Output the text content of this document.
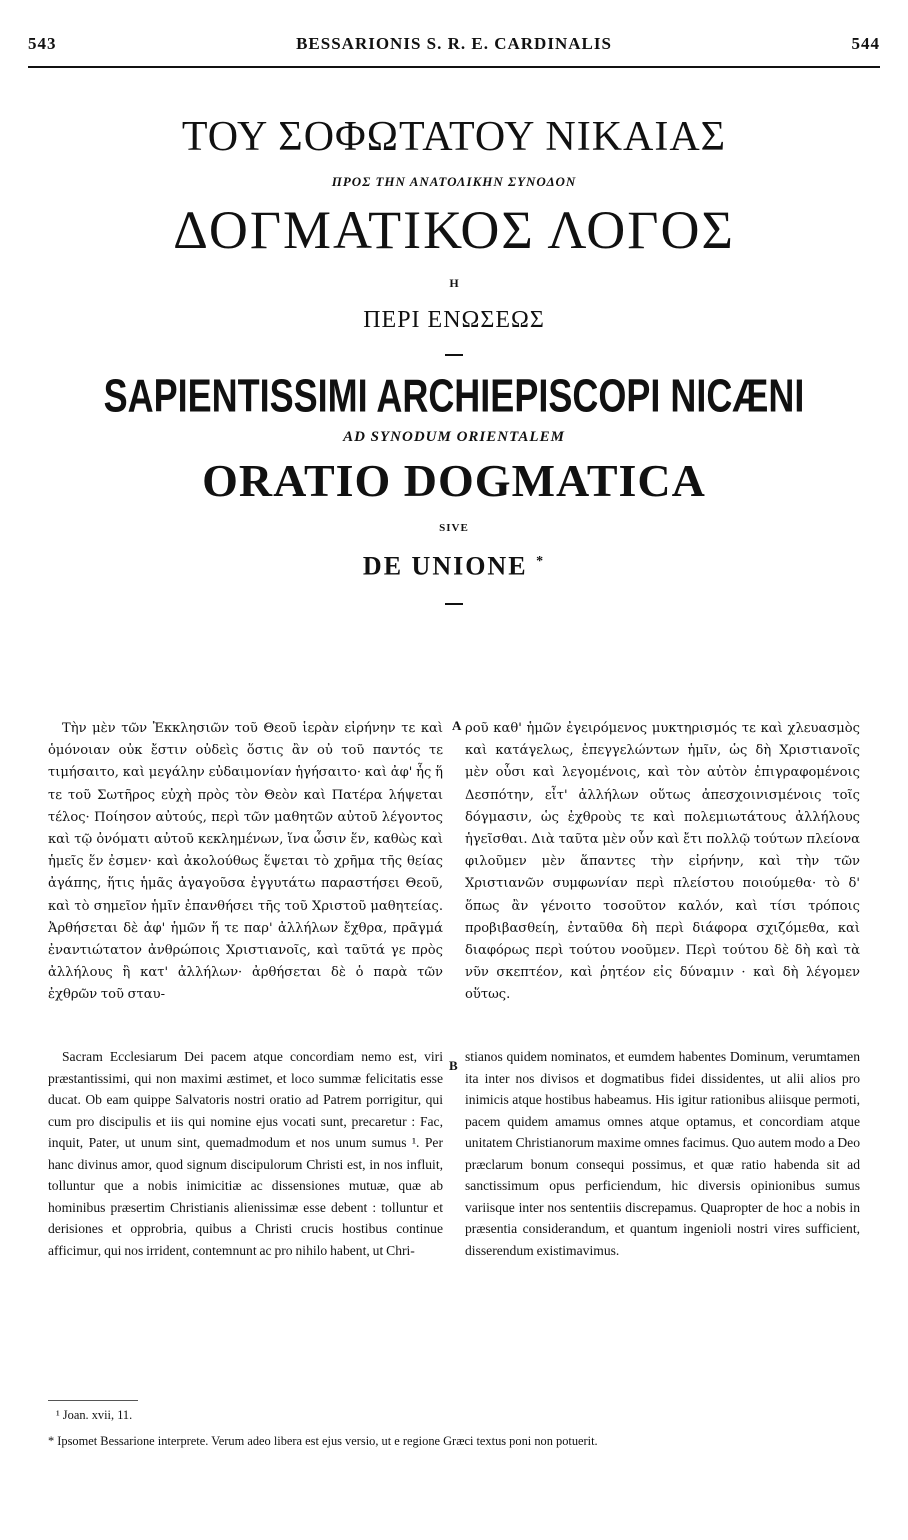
543	BESSARIONIS S. R. E. CARDINALIS	544
ΤΟΥ ΣΟΦΩΤΑΤΟΥ ΝΙΚΑΙΑΣ
ΠΡΟΣ ΤΗΝ ΑΝΑΤΟΛΙΚΗΝ ΣΥΝΟΔΟΝ
ΔΟΓΜΑΤΙΚΟΣ ΛΟΓΟΣ
Η
ΠΕΡΙ ΕΝΩΣΕΩΣ
SAPIENTISSIMI ARCHIEPISCOPI NICÆNI
AD SYNODUM ORIENTALEM
ORATIO DOGMATICA
SIVE
DE UNIONE *

Τὴν μὲν τῶν Ἐκκλησιῶν τοῦ Θεοῦ ἱερὰν εἰρήνην τε καὶ ὁμόνοιαν οὐκ ἔστιν οὐδεὶς ὅστις ἂν οὐ τοῦ παντός τε τιμήσαιτο, καὶ μεγάλην εὐδαιμονίαν ἡγήσαιτο· καὶ ἀφ' ἧς ἥ τε τοῦ Σωτῆρος εὐχὴ πρὸς τὸν Θεὸν καὶ Πατέρα λήψεται τέλος· Ποίησον αὐτούς, περὶ τῶν μαθητῶν αὐτοῦ λέγοντος καὶ τῷ ὀνόματι αὐτοῦ κεκλημένων, ἵνα ὦσιν ἕν, καθὼς καὶ ἡμεῖς ἕν ἐσμεν· καὶ ἀκολούθως ἕψεται τὸ χρῆμα τῆς θείας ἀγάπης, ἥτις ἡμᾶς ἀγαγοῦσα ἐγγυτάτω παραστήσει Θεοῦ, καὶ τὸ σημεῖον ἡμῖν ἐπανθήσει τῆς τοῦ Χριστοῦ μαθητείας. Ἀρθήσεται δὲ ἀφ' ἡμῶν ἥ τε παρ' ἀλλήλων ἔχθρα, πρᾶγμά ἐναντιώτατον ἀνθρώποις Χριστιανοῖς, καὶ ταῦτά γε πρὸς ἀλλήλους ἢ κατ' ἀλλήλων· ἀρθήσεται δὲ ὁ παρὰ τῶν ἐχθρῶν τοῦ σταυ-

A ροῦ καθ' ἡμῶν ἐγειρόμενος μυκτηρισμός τε καὶ χλευασμὸς καὶ κατάγελως, ἐπεγγελώντων ἡμῖν, ὡς δὴ Χριστιανοῖς μὲν οὖσι καὶ λεγομένοις, καὶ τὸν αὐτὸν ἐπιγραφομένοις Δεσπότην, εἶτ' ἀλλήλων οὕτως ἀπεσχοινισμένοις τοῖς δόγμασιν, ὡς ἐχθροὺς τε καὶ πολεμιωτάτους ἀλλήλους ἡγεῖσθαι. Διὰ ταῦτα μὲν οὖν καὶ ἔτι πολλῷ τούτων πλείονα φιλοῦμεν μὲν ἅπαντες τὴν εἰρήνην, καὶ τὴν τῶν Χριστιανῶν συμφωνίαν περὶ πλείστου ποιούμεθα· τὸ δ' ὅπως ἂν γένοιτο τοσοῦτον καλόν, καὶ τίσι τρόποις προβιβασθείη, ἐνταῦθα δὴ περὶ διάφορα σχιζόμεθα, καὶ διαφόρως περὶ τούτου νοοῦμεν. Περὶ τούτου δὲ δὴ καὶ τὰ νῦν σκεπτέον, καὶ ῥητέον εἰς δύναμιν · καὶ δὴ λέγομεν οὕτως.

Sacram Ecclesiarum Dei pacem atque concordiam nemo est, viri præstantissimi, qui non maximi æstimet, et loco summæ felicitatis esse ducat. Ob eam quippe Salvatoris nostri oratio ad Patrem porrigitur, qui cum pro discipulis et iis qui nomine ejus vocati sunt, precaretur : Fac, inquit, Pater, ut unum sint, quemadmodum et nos unum sumus ¹. Per hanc divinus amor, quod signum discipulorum Christi est, in nos influit, tolluntur que a nobis inimicitiæ ac dissensiones mutuæ, quæ ab hominibus præsertim Christianis alienissimæ esse debent : tolluntur et derisiones et opprobria, quibus a Christi crucis hostibus continue afficimur, qui nos irrident, contemnunt ac pro nihilo habent, ut Chri-

B

stianos quidem nominatos, et eumdem habentes Dominum, verumtamen ita inter nos divisos et dogmatibus fidei dissidentes, ut alii alios pro inimicis atque hostibus habeamus. His igitur rationibus aliisque permoti, pacem quidem amamus omnes atque optamus, et concordiam atque unitatem Christianorum maxime omnes facimus. Quo autem modo a Deo præclarum bonum consequi possimus, et quæ ratio habenda sit ad sanctissimum opus perficiendum, hic diversis opinionibus sumus variisque inter nos sententiis discrepamus. Quapropter de hoc a nobis in præsentia considerandum, et quantum ingenioli nostri vires sufficient, disserendum existimavimus.

¹ Joan. xvii, 11.
* Ipsomet Bessarione interprete. Verum adeo libera est ejus versio, ut e regione Græci textus poni non potuerit.
